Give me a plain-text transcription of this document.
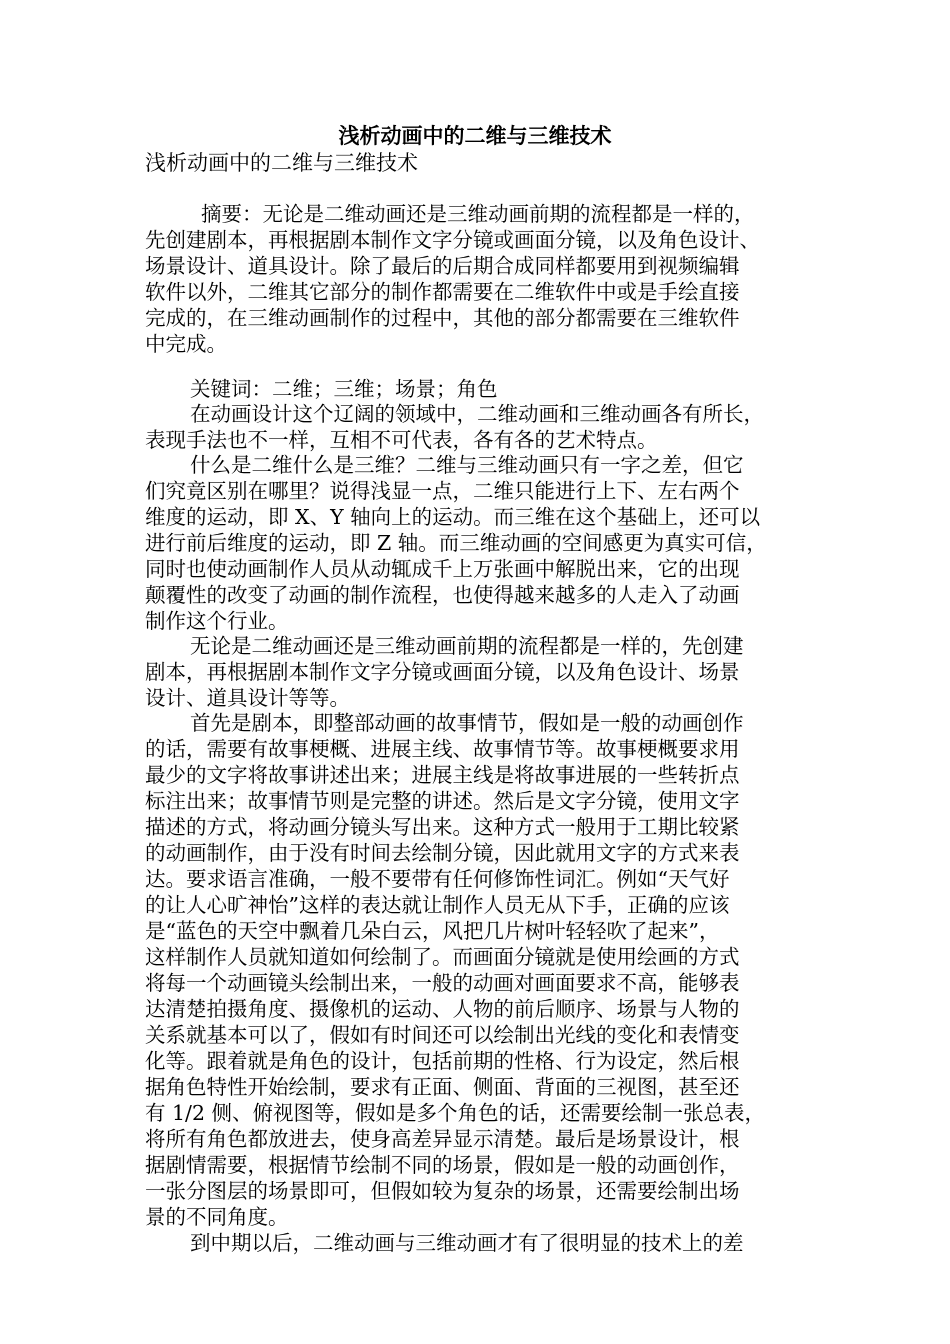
浅析动画中的二维与三维技术
浅析动画中的二维与三维技术
摘要：无论是二维动画还是三维动画前期的流程都是一样的，
先创建剧本，再根据剧本制作文字分镜或画面分镜，以及角色设计、
场景设计、道具设计。除了最后的后期合成同样都要用到视频编辑
软件以外，二维其它部分的制作都需要在二维软件中或是手绘直接
完成的，在三维动画制作的过程中，其他的部分都需要在三维软件
中完成。
关键词：二维；三维；场景；角色
在动画设计这个辽阔的领域中，二维动画和三维动画各有所长，
表现手法也不一样，互相不可代表，各有各的艺术特点。
什么是二维什么是三维？二维与三维动画只有一字之差，但它
们究竟区别在哪里？说得浅显一点，二维只能进行上下、左右两个
维度的运动，即 X、Y 轴向上的运动。而三维在这个基础上，还可以
进行前后维度的运动，即 Z 轴。而三维动画的空间感更为真实可信，
同时也使动画制作人员从动辄成千上万张画中解脱出来，它的出现
颠覆性的改变了动画的制作流程，也使得越来越多的人走入了动画
制作这个行业。
无论是二维动画还是三维动画前期的流程都是一样的，先创建
剧本，再根据剧本制作文字分镜或画面分镜，以及角色设计、场景
设计、道具设计等等。
首先是剧本，即整部动画的故事情节，假如是一般的动画创作
的话，需要有故事梗概、进展主线、故事情节等。故事梗概要求用
最少的文字将故事讲述出来；进展主线是将故事进展的一些转折点
标注出来；故事情节则是完整的讲述。然后是文字分镜，使用文字
描述的方式，将动画分镜头写出来。这种方式一般用于工期比较紧
的动画制作，由于没有时间去绘制分镜，因此就用文字的方式来表
达。要求语言准确，一般不要带有任何修饰性词汇。例如“天气好
的让人心旷神怡”这样的表达就让制作人员无从下手，正确的应该
是“蓝色的天空中飘着几朵白云，风把几片树叶轻轻吹了起来”，
这样制作人员就知道如何绘制了。而画面分镜就是使用绘画的方式
将每一个动画镜头绘制出来，一般的动画对画面要求不高，能够表
达清楚拍摄角度、摄像机的运动、人物的前后顺序、场景与人物的
关系就基本可以了，假如有时间还可以绘制出光线的变化和表情变
化等。跟着就是角色的设计，包括前期的性格、行为设定，然后根
据角色特性开始绘制，要求有正面、侧面、背面的三视图，甚至还
有 1/2 侧、俯视图等，假如是多个角色的话，还需要绘制一张总表，
将所有角色都放进去，使身高差异显示清楚。最后是场景设计，根
据剧情需要，根据情节绘制不同的场景，假如是一般的动画创作，
一张分图层的场景即可，但假如较为复杂的场景，还需要绘制出场
景的不同角度。
到中期以后，二维动画与三维动画才有了很明显的技术上的差
